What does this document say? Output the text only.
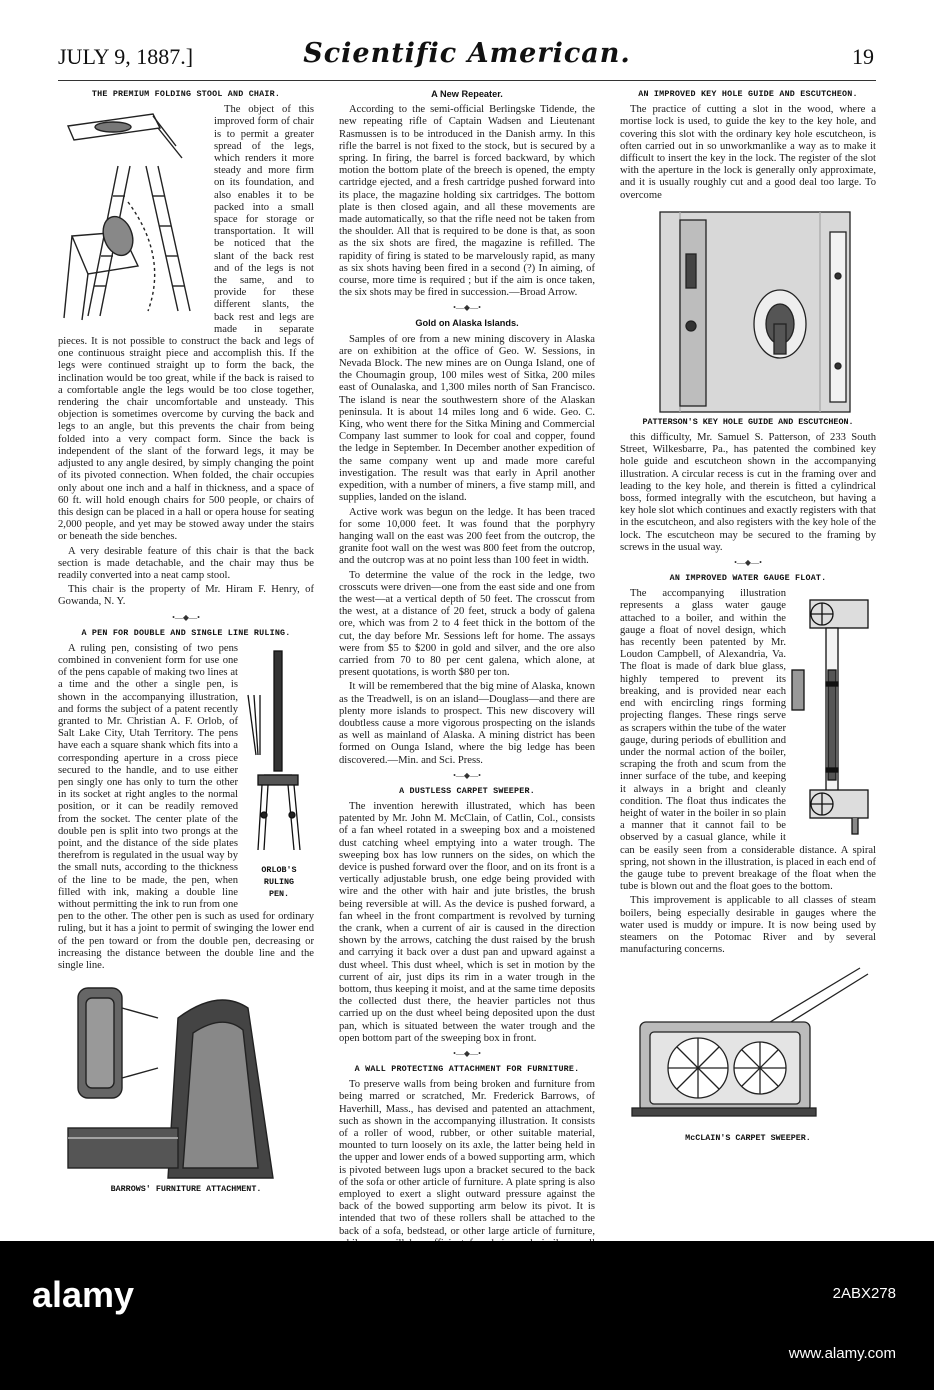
JULY 9, 1887.]	Scientific American.	19
THE PREMIUM FOLDING STOOL AND CHAIR.

The object of this improved form of chair is to permit a greater spread of the legs, which renders it more steady and more firm on its foundation, and also enables it to be packed into a small space for storage or transportation. It will be noticed that the slant of the back rest and of the legs is not the same, and to provide for these different slants, the back rest and legs are made in separate pieces. It is not possible to construct the back and legs of one continuous straight piece and accomplish this. If the legs were continued straight up to form the back, the inclination would be too great, while if the back is raised to a comfortable angle the legs would be too close together, rendering the chair uncomfortable and unsteady. This objection is sometimes overcome by curving the back and legs to an angle, but this prevents the chair from being folded into a very compact form. Since the back is independent of the slant of the forward legs, it may be adjusted to any angle desired, by simply changing the point of its pivoted connection. When folded, the chair occupies only about one inch and a half in thickness, and a space of 60 ft. will hold enough chairs for 500 people, or chairs of this design can be placed in a hall or opera house for seating 2,000 people, and yet may be stowed away under the stairs or beneath the side benches.

A very desirable feature of this chair is that the back section is made detachable, and the chair may thus be readily converted into a neat camp stool.

This chair is the property of Mr. Hiram F. Henry, of Gowanda, N. Y.

•—◆—•
A PEN FOR DOUBLE AND SINGLE LINE RULING.
ORLOB'S RULING
PEN.

A ruling pen, consisting of two pens combined in convenient form for use one of the pens capable of making two lines at a time and the other a single pen, is shown in the accompanying illustration, and forms the subject of a patent recently granted to Mr. Christian A. F. Orlob, of Salt Lake City, Utah Territory. The pens have each a square shank which fits into a corresponding aperture in a cross piece secured to the handle, and to use either pen singly one has only to turn the other in its socket at right angles to the normal position, or it can be readily removed from the socket. The center plate of the double pen is split into two prongs at the point, and the distance of the side plates therefrom is regulated in the usual way by the small nuts, according to the thickness of the line to be made, the pen, when filled with ink, making a double line without permitting the ink to run from one pen to the other. The other pen is such as used for ordinary ruling, but it has a joint to permit of swinging the lower end of the pen toward or from the double pen, decreasing or increasing the distance between the double line and the single line.

BARROWS' FURNITURE ATTACHMENT.
A New Repeater.

According to the semi-official Berlingske Tidende, the new repeating rifle of Captain Wadsen and Lieutenant Rasmussen is to be introduced in the Danish army. In this rifle the barrel is not fixed to the stock, but is secured by a spring. In firing, the barrel is forced backward, by which motion the bottom plate of the breech is opened, the empty cartridge ejected, and a fresh cartridge pushed forward into its place, the magazine holding six cartridges. The bottom plate is then closed again, and all these movements are made automatically, so that the rifle need not be taken from the shoulder. All that is required to be done is that, as soon as the six shots are fired, the magazine is refilled. The rapidity of firing is stated to be marvelously rapid, as many as six shots having been fired in a second (?) In aiming, of course, more time is required ; but if the aim is once taken, the six shots may be fired in succession.—Broad Arrow.

•—◆—•
Gold on Alaska Islands.

Samples of ore from a new mining discovery in Alaska are on exhibition at the office of Geo. W. Sessions, in Nevada Block. The new mines are on Ounga Island, one of the Choumagin group, 100 miles west of Sitka, 200 miles east of Ounalaska, and 1,300 miles north of San Francisco. The island is near the southwestern shore of the Alaskan peninsula. It is about 14 miles long and 6 wide. Geo. C. King, who went there for the Sitka Mining and Commercial Company last summer to look for coal and copper, found the ledge in September. In December another expedition of the same company went up and made more careful investigation. The result was that early in April another expedition, with a number of miners, a five stamp mill, and supplies, landed on the island.

Active work was begun on the ledge. It has been traced for some 10,000 feet. It was found that the porphyry hanging wall on the east was 200 feet from the outcrop, the granite foot wall on the west was 800 feet from the outcrop, and the outcrop was at no point less than 100 feet in width.

To determine the value of the rock in the ledge, two crosscuts were driven—one from the east side and one from the west—at a vertical depth of 50 feet. The crosscut from the west, at a distance of 20 feet, struck a body of galena ore, which was from 2 to 4 feet thick in the bottom of the cut, the day before Mr. Sessions left for home. The assays were from $5 to $200 in gold and silver, and the ore also carried from 70 to 80 per cent galena, which alone, at present quotations, is worth $80 per ton.

It will be remembered that the big mine of Alaska, known as the Treadwell, is on an island—Douglass—and there are plenty more islands to prospect. This new discovery will doubtless cause a more vigorous prospecting on the islands as well as mainland of Alaska. A mining district has been formed on Ounga Island, where the big ledge has been discovered.—Min. and Sci. Press.

•—◆—•
A DUSTLESS CARPET SWEEPER.

The invention herewith illustrated, which has been patented by Mr. John M. McClain, of Catlin, Col., consists of a fan wheel rotated in a sweeping box and a moistened dust catching wheel emptying into a water trough. The sweeping box has low runners on the sides, on which the device is pushed forward over the floor, and on its front is a vertically adjustable brush, one edge being provided with wire and the other with hair and jute bristles, the brush being reversible at will. As the device is pushed forward, a fan wheel in the front compartment is revolved by turning the crank, when a current of air is caused in the direction shown by the arrows, catching the dust raised by the brush and carrying it back over a dust pan and upward against a dust wheel. This dust wheel, which is set in motion by the current of air, just dips its rim in a water trough in the bottom, thus keeping it moist, and at the same time deposits the collected dust there, the heavier particles not thus carried up on the dust wheel being deposited upon the dust pan, which is situated between the water trough and the open bottom part of the sweeping box in front.

•—◆—•
A WALL PROTECTING ATTACHMENT FOR FURNITURE.

To preserve walls from being broken and furniture from being marred or scratched, Mr. Frederick Barrows, of Haverhill, Mass., has devised and patented an attachment, such as shown in the accompanying illustration. It consists of a roller of wood, rubber, or other suitable material, mounted to turn loosely on its axle, the latter being held in the upper and lower ends of a bowed supporting arm, which is pivoted between lugs upon a bracket secured to the back of the sofa or other article of furniture. A plate spring is also employed to exert a slight outward pressure against the back of the bowed supporting arm below its pivot. It is intended that two of these rollers shall be attached to the back of a sofa, bedstead, or other large article of furniture,

AN IMPROVED KEY HOLE GUIDE AND ESCUTCHEON.

The practice of cutting a slot in the wood, where a mortise lock is used, to guide the key to the key hole, and covering this slot with the ordinary key hole escutcheon, is often carried out in so unworkmanlike a way as to make it difficult to insert the key in the lock. The register of the slot with the aperture in the lock is generally only approximate, and it is usually roughly cut and a good deal too large. To overcome

PATTERSON'S KEY HOLE GUIDE AND ESCUTCHEON.

this difficulty, Mr. Samuel S. Patterson, of 233 South Street, Wilkesbarre, Pa., has patented the combined key hole guide and escutcheon shown in the accompanying illustration. A circular recess is cut in the framing over and leading to the key hole, and therein is fitted a cylindrical boss, formed integrally with the escutcheon, but having a key hole slot which continues and exactly registers with that in the escutcheon, and also registers with the key hole of the lock. The escutcheon may be secured to the framing by screws in the usual way.

•—◆—•
AN IMPROVED WATER GAUGE FLOAT.

The accompanying illustration represents a glass water gauge attached to a boiler, and within the gauge a float of novel design, which has recently been patented by Mr. Loudon Campbell, of Alexandria, Va. The float is made of dark blue glass, highly tempered to prevent its breaking, and is provided near each end with encircling rings forming projecting flanges. These rings serve as scrapers within the tube of the water gauge, during periods of ebullition and under the normal action of the boiler, scraping the froth and scum from the inner surface of the tube, and keeping it always in a bright and cleanly condition. The float thus indicates the height of water in the boiler in so plain a manner that it cannot fail to be observed by a casual glance, while it can be easily seen from a considerable distance. A spiral spring, not shown in the illustration, is placed in each end of the gauge tube to prevent breakage of the float when the tube is blown out and the float goes to the bottom.

This improvement is applicable to all classes of steam boilers, being especially desirable in gauges where the water used is muddy or impure. It is now being used by steamers on the Potomac River and by several manufacturing concerns.

McCLAIN'S CARPET SWEEPER.
alamy	2ABX278
www.alamy.com
